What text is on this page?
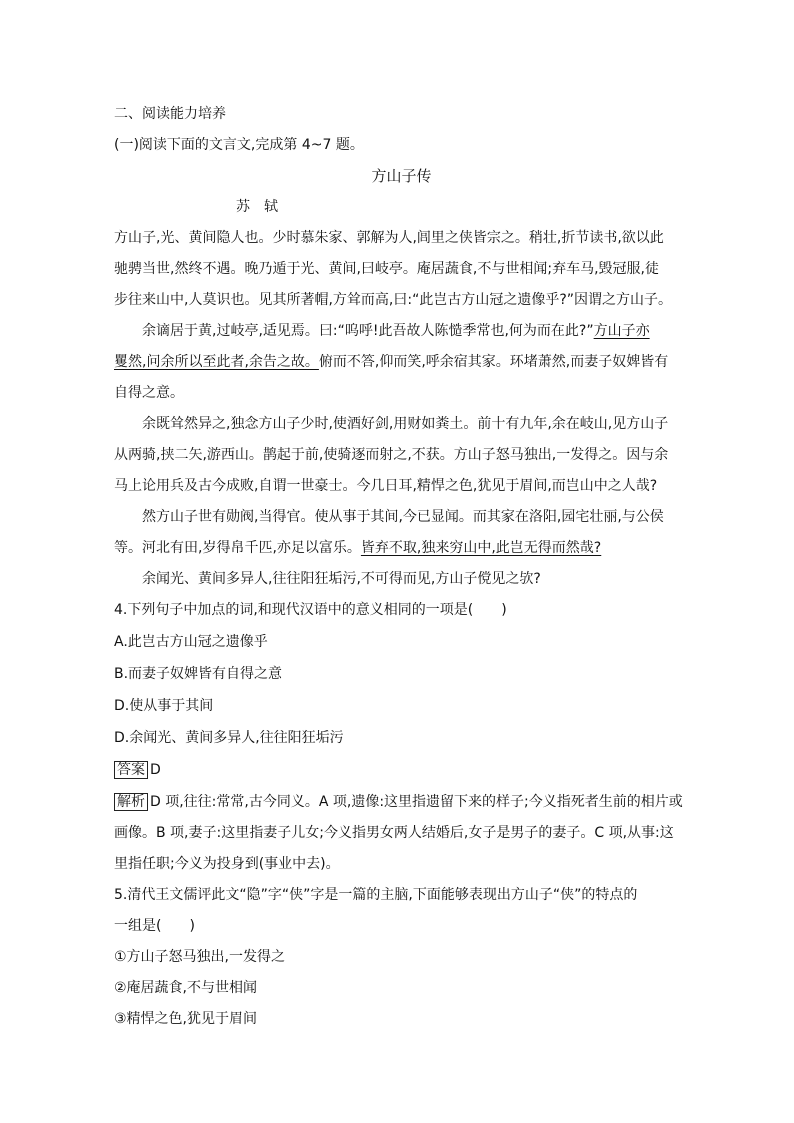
二、阅读能力培养
(一)阅读下面的文言文,完成第 4~7 题。
方山子传
苏　轼
方山子,光、黄间隐人也。少时慕朱家、郭解为人,闾里之侠皆宗之。稍壮,折节读书,欲以此
驰骋当世,然终不遇。晚乃遁于光、黄间,曰岐亭。庵居蔬食,不与世相闻;弃车马,毁冠服,徒
步往来山中,人莫识也。见其所著帽,方耸而高,曰:“此岂古方山冠之遗像乎?”因谓之方山子。
余谪居于黄,过岐亭,适见焉。曰:“呜呼!此吾故人陈慥季常也,何为而在此?”方山子亦
矍然,问余所以至此者,余告之故。俯而不答,仰而笑,呼余宿其家。环堵萧然,而妻子奴婢皆有
自得之意。
余既耸然异之,独念方山子少时,使酒好剑,用财如粪土。前十有九年,余在岐山,见方山子
从两骑,挟二矢,游西山。鹊起于前,使骑逐而射之,不获。方山子怒马独出,一发得之。因与余
马上论用兵及古今成败,自谓一世豪士。今几日耳,精悍之色,犹见于眉间,而岂山中之人哉?
然方山子世有勋阀,当得官。使从事于其间,今已显闻。而其家在洛阳,园宅壮丽,与公侯
等。河北有田,岁得帛千匹,亦足以富乐。皆弃不取,独来穷山中,此岂无得而然哉?
余闻光、黄间多异人,往往阳狂垢污,不可得而见,方山子傥见之欤?
4.下列句子中加点的词,和现代汉语中的意义相同的一项是(　　)
A.此岂古方山冠之遗像乎
B.而妻子奴婢皆有自得之意
D.使从事于其间
D.余闻光、黄间多异人,往往阳狂垢污
答案 D
解析 D 项,往往:常常,古今同义。A 项,遗像:这里指遗留下来的样子;今义指死者生前的相片或
画像。B 项,妻子:这里指妻子儿女;今义指男女两人结婚后,女子是男子的妻子。C 项,从事:这
里指任职;今义为投身到(事业中去)。
5.清代王文儒评此文“隐”字“侠”字是一篇的主脑,下面能够表现出方山子“侠”的特点的
一组是(　　)
①方山子怒马独出,一发得之
②庵居蔬食,不与世相闻
③精悍之色,犹见于眉间
